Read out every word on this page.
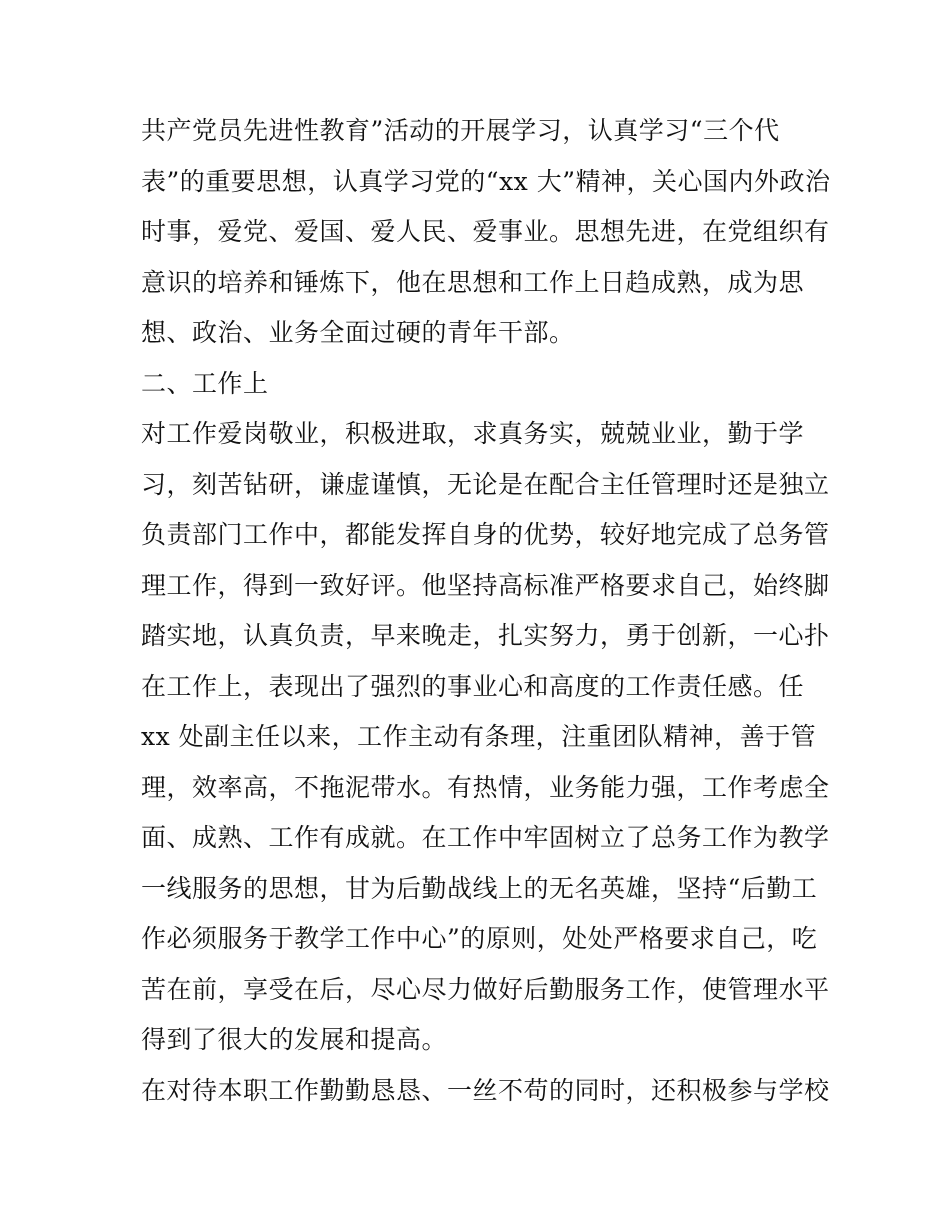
共产党员先进性教育”活动的开展学习，认真学习“三个代
表”的重要思想，认真学习党的“xx 大”精神，关心国内外政治
时事，爱党、爱国、爱人民、爱事业。思想先进，在党组织有
意识的培养和锤炼下，他在思想和工作上日趋成熟，成为思
想、政治、业务全面过硬的青年干部。
二、工作上
对工作爱岗敬业，积极进取，求真务实，兢兢业业，勤于学
习，刻苦钻研，谦虚谨慎，无论是在配合主任管理时还是独立
负责部门工作中，都能发挥自身的优势，较好地完成了总务管
理工作，得到一致好评。他坚持高标准严格要求自己，始终脚
踏实地，认真负责，早来晚走，扎实努力，勇于创新，一心扑
在工作上，表现出了强烈的事业心和高度的工作责任感。任
xx 处副主任以来，工作主动有条理，注重团队精神，善于管
理，效率高，不拖泥带水。有热情，业务能力强，工作考虑全
面、成熟、工作有成就。在工作中牢固树立了总务工作为教学
一线服务的思想，甘为后勤战线上的无名英雄，坚持“后勤工
作必须服务于教学工作中心”的原则，处处严格要求自己，吃
苦在前，享受在后，尽心尽力做好后勤服务工作，使管理水平
得到了很大的发展和提高。
在对待本职工作勤勤恳恳、一丝不苟的同时，还积极参与学校
